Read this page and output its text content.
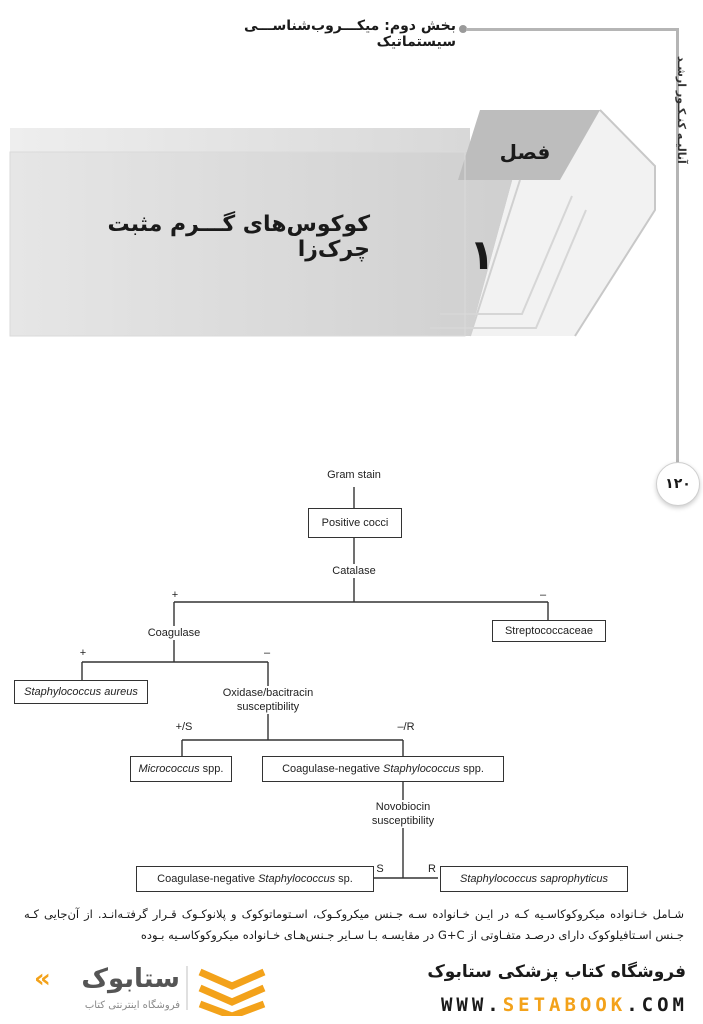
بخش دوم: میکـــروب‌شناســـی سیستماتیک
آنالیـه کنـکـور ارشـد
۱۲۰
فصل
کوکوس‌های گـــرم مثبت چرک‌زا	۱
Gram stain
Positive cocci
Catalase
+	–
Streptococcaceae
Coagulase
+	–
Staphylococcus aureus	Oxidase/bacitracin
susceptibility
+/S	–/R
Micrococcus spp.	Coagulase-negative Staphylococcus spp.
Novobiocin
susceptibility
S	R
Coagulase-negative Staphylococcus sp.	Staphylococcus saprophyticus
شـامل خـانواده میکروکوکاسـیه کـه در ایـن خـانواده سـه جـنس میکروکـوک، اسـتوماتوکوک و پلانوکـوک قـرار گرفتـه‌انـد. از آن‌جایی کـه جـنس اسـتافیلوکوک دارای درصـد متفـاوتی از G+C در مقایسـه بـا سـایر جـنس‌هـای خـانواده میکروکوکاسـیه بـوده
فروشگاه کتاب پزشکی ستابوک
WWW.SETABOOK.COM
ستابوک
«
فروشگاه اینترنتی کتاب
